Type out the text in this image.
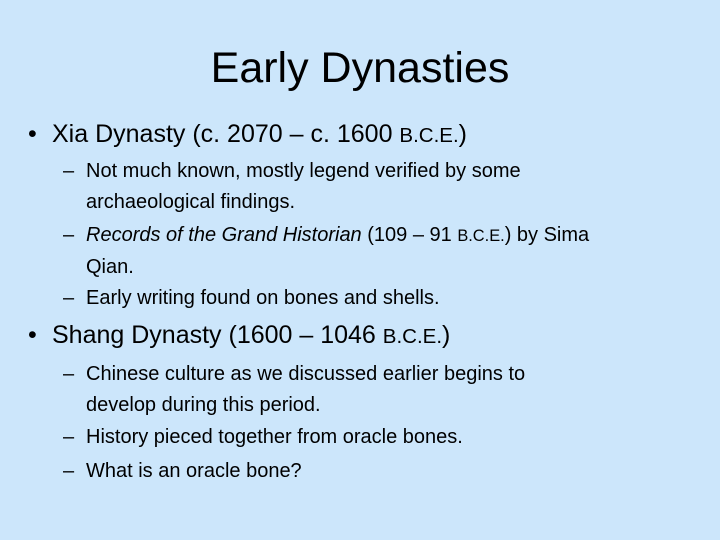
Early Dynasties
• Xia Dynasty (c. 2070 – c. 1600 B.C.E.)
– Not much known, mostly legend verified by some
archaeological findings.
– Records of the Grand Historian (109 – 91 B.C.E.) by Sima
Qian.
– Early writing found on bones and shells.
• Shang Dynasty (1600 – 1046 B.C.E.)
– Chinese culture as we discussed earlier begins to
develop during this period.
– History pieced together from oracle bones.
– What is an oracle bone?
